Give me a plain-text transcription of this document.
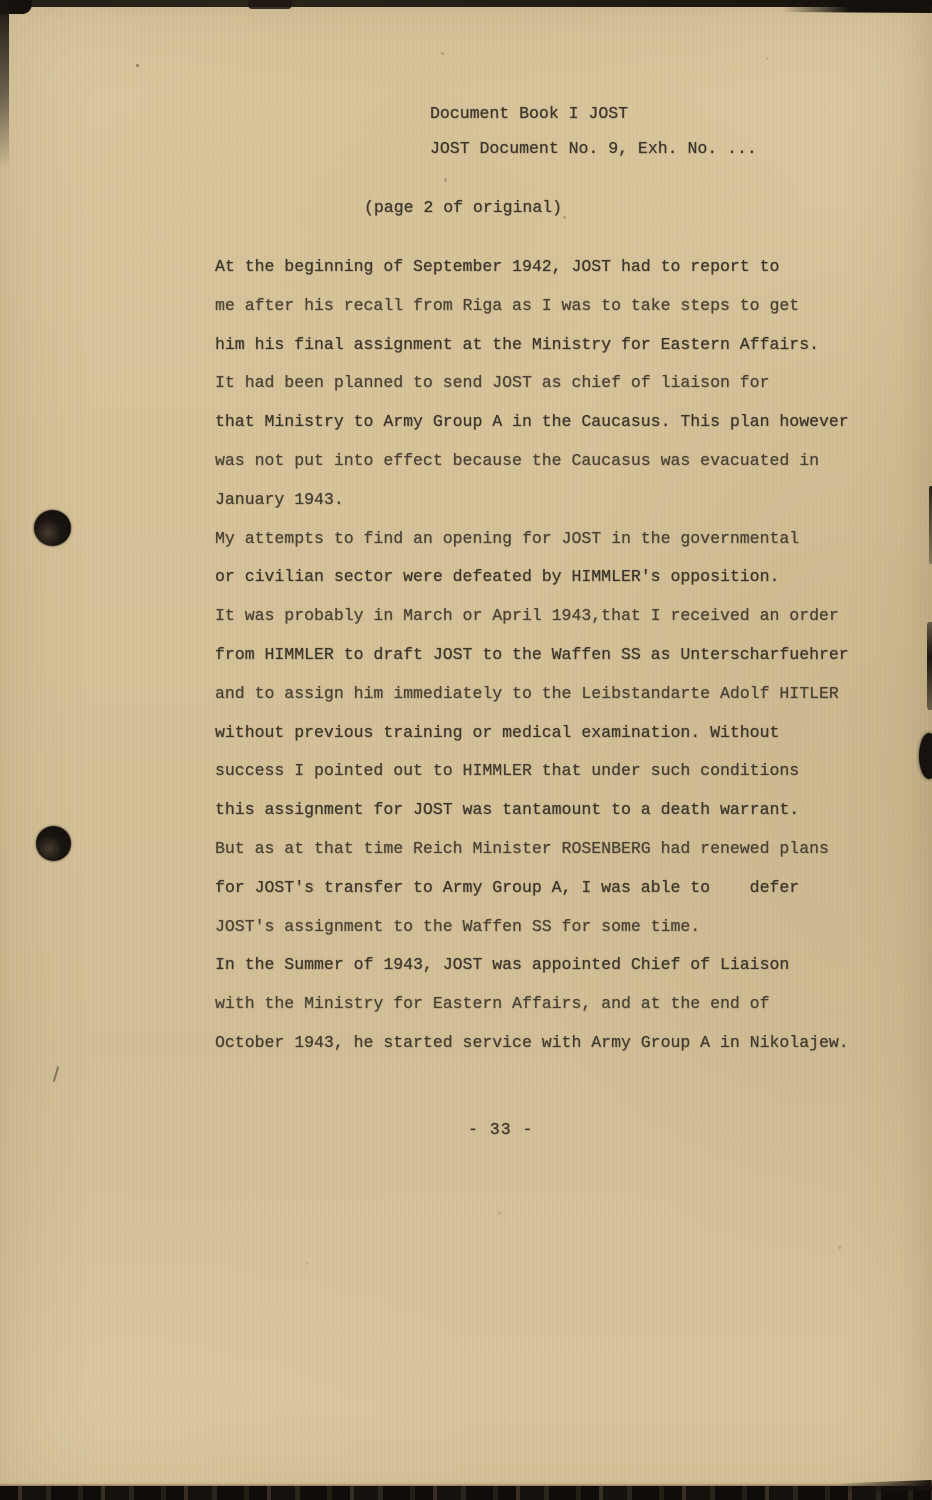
Document Book I JOST
JOST Document No. 9, Exh. No. ...
(page 2 of original)
At the beginning of September 1942, JOST had to report to
me after his recall from Riga as I was to take steps to get
him his final assignment at the Ministry for Eastern Affairs.
It had been planned to send JOST as chief of liaison for
that Ministry to Army Group A in the Caucasus. This plan however
was not put into effect because the Caucasus was evacuated in
January 1943.
My attempts to find an opening for JOST in the governmental
or civilian sector were defeated by HIMMLER's opposition.
It was probably in March or April 1943,that I received an order
from HIMMLER to draft JOST to the Waffen SS as Unterscharfuehrer
and to assign him immediately to the Leibstandarte Adolf HITLER
without previous training or medical examination. Without
success I pointed out to HIMMLER that under such conditions
this assignment for JOST was tantamount to a death warrant.
But as at that time Reich Minister ROSENBERG had renewed plans
for JOST's transfer to Army Group A, I was able to    defer
JOST's assignment to the Waffen SS for some time.
In the Summer of 1943, JOST was appointed Chief of Liaison
with the Ministry for Eastern Affairs, and at the end of
October 1943, he started service with Army Group A in Nikolajew.
- 33 -
